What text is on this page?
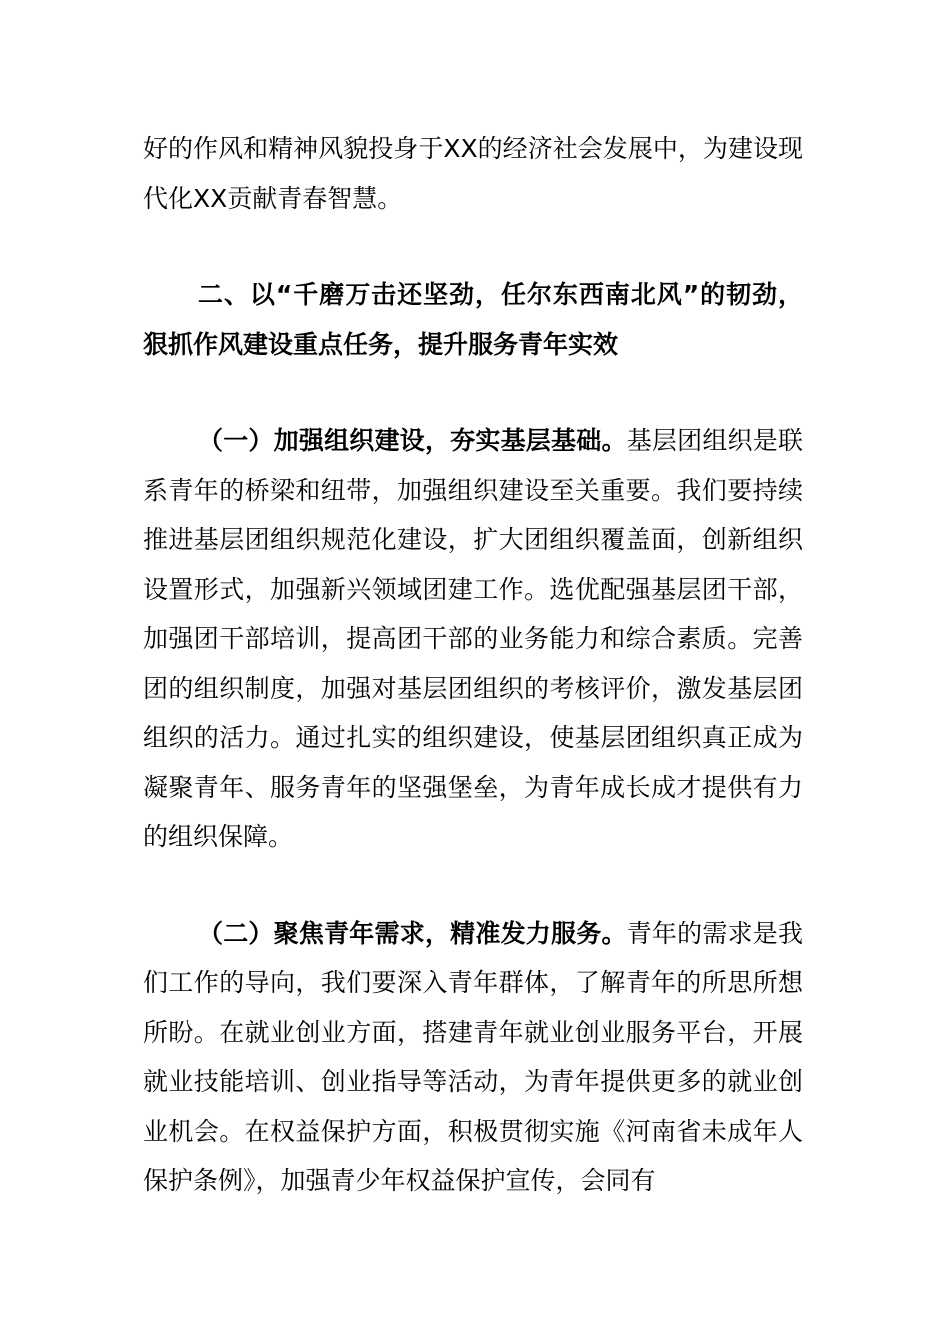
好的作风和精神风貌投身于XX的经济社会发展中，为建设现代化XX贡献青春智慧。

二、以“千磨万击还坚劲，任尔东西南北风”的韧劲，狠抓作风建设重点任务，提升服务青年实效

（一）加强组织建设，夯实基层基础。基层团组织是联系青年的桥梁和纽带，加强组织建设至关重要。我们要持续推进基层团组织规范化建设，扩大团组织覆盖面，创新组织设置形式，加强新兴领域团建工作。选优配强基层团干部，加强团干部培训，提高团干部的业务能力和综合素质。完善团的组织制度，加强对基层团组织的考核评价，激发基层团组织的活力。通过扎实的组织建设，使基层团组织真正成为凝聚青年、服务青年的坚强堡垒，为青年成长成才提供有力的组织保障。

（二）聚焦青年需求，精准发力服务。青年的需求是我们工作的导向，我们要深入青年群体，了解青年的所思所想所盼。在就业创业方面，搭建青年就业创业服务平台，开展就业技能培训、创业指导等活动，为青年提供更多的就业创业机会。在权益保护方面，积极贯彻实施《河南省未成年人保护条例》，加强青少年权益保护宣传，会同有
